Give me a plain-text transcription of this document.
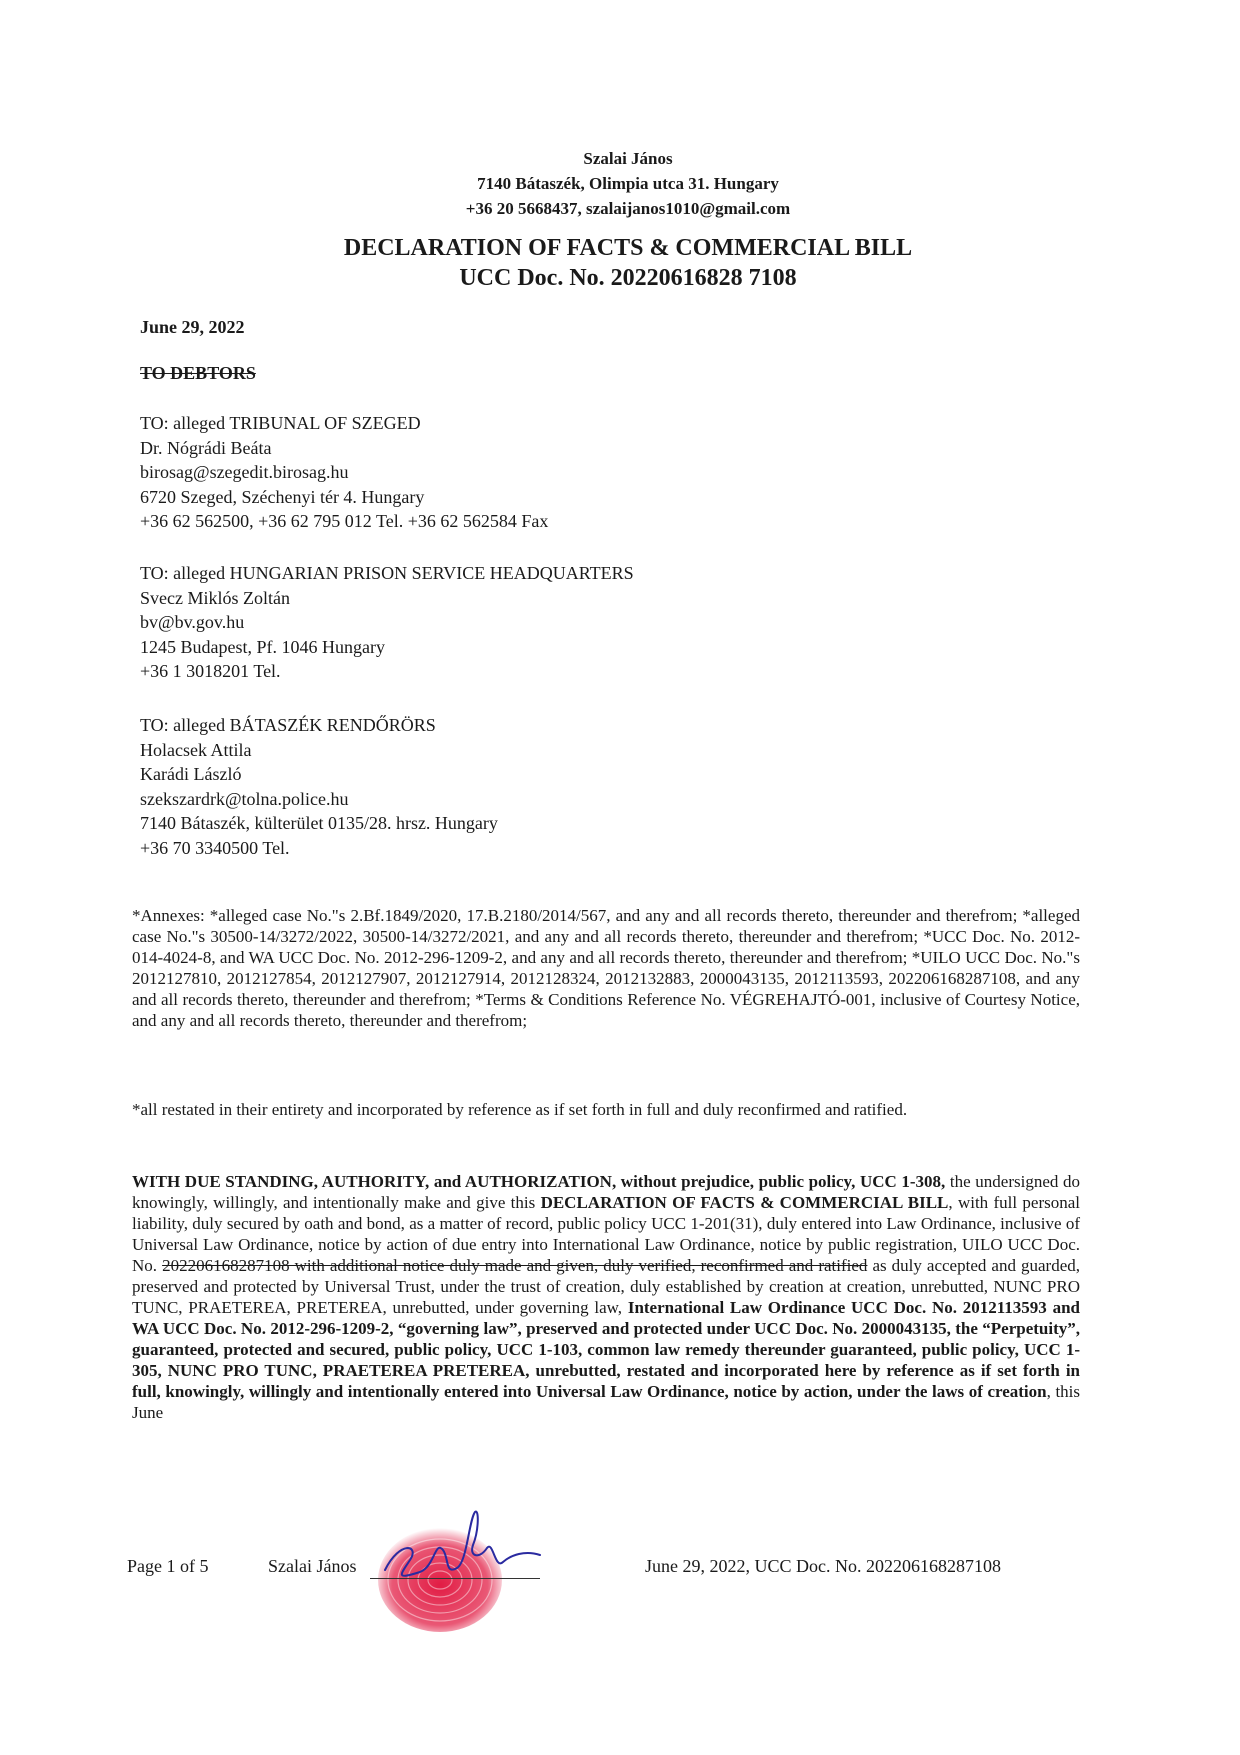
Szalai János
7140 Bátaszék, Olimpia utca 31. Hungary
+36 20 5668437, szalaijanos1010@gmail.com
DECLARATION OF FACTS & COMMERCIAL BILL
UCC Doc. No. 20220616828 7108
June 29, 2022
TO DEBTORS
TO: alleged TRIBUNAL OF SZEGED
Dr. Nógrádi Beáta
birosag@szegedit.birosag.hu
6720 Szeged, Széchenyi tér 4. Hungary
+36 62 562500, +36 62 795 012 Tel. +36 62 562584 Fax
TO: alleged HUNGARIAN PRISON SERVICE HEADQUARTERS
Svecz Miklós Zoltán
bv@bv.gov.hu
1245 Budapest, Pf. 1046 Hungary
+36 1 3018201 Tel.
TO: alleged BÁTASZÉK RENDŐRÖRS
Holacsek Attila
Karádi László
szekszardrk@tolna.police.hu
7140 Bátaszék, külterület 0135/28. hrsz. Hungary
+36 70 3340500 Tel.
*Annexes: *alleged case No."s 2.Bf.1849/2020, 17.B.2180/2014/567, and any and all records thereto, thereunder and therefrom; *alleged case No."s 30500-14/3272/2022, 30500-14/3272/2021, and any and all records thereto, thereunder and therefrom; *UCC Doc. No. 2012-014-4024-8, and WA UCC Doc. No. 2012-296-1209-2, and any and all records thereto, thereunder and therefrom; *UILO UCC Doc. No."s 2012127810, 2012127854, 2012127907, 2012127914, 2012128324, 2012132883, 2000043135, 2012113593, 202206168287108, and any and all records thereto, thereunder and therefrom; *Terms & Conditions Reference No. VÉGREHAJTÓ-001, inclusive of Courtesy Notice, and any and all records thereto, thereunder and therefrom;
*all restated in their entirety and incorporated by reference as if set forth in full and duly reconfirmed and ratified.
WITH DUE STANDING, AUTHORITY, and AUTHORIZATION, without prejudice, public policy, UCC 1-308, the undersigned do knowingly, willingly, and intentionally make and give this DECLARATION OF FACTS & COMMERCIAL BILL, with full personal liability, duly secured by oath and bond, as a matter of record, public policy UCC 1-201(31), duly entered into Law Ordinance, inclusive of Universal Law Ordinance, notice by action of due entry into International Law Ordinance, notice by public registration, UILO UCC Doc. No. 202206168287108 with additional notice duly made and given, duly verified, reconfirmed and ratified as duly accepted and guarded, preserved and protected by Universal Trust, under the trust of creation, duly established by creation at creation, unrebutted, NUNC PRO TUNC, PRAETEREA, PRETEREA, unrebutted, under governing law, International Law Ordinance UCC Doc. No. 2012113593 and WA UCC Doc. No. 2012-296-1209-2, “governing law”, preserved and protected under UCC Doc. No. 2000043135, the “Perpetuity”, guaranteed, protected and secured, public policy, UCC 1-103, common law remedy thereunder guaranteed, public policy, UCC 1-305, NUNC PRO TUNC, PRAETEREA PRETEREA, unrebutted, restated and incorporated here by reference as if set forth in full, knowingly, willingly and intentionally entered into Universal Law Ordinance, notice by action, under the laws of creation, this June
Page 1 of 5	Szalai János	June 29, 2022, UCC Doc. No. 202206168287108
